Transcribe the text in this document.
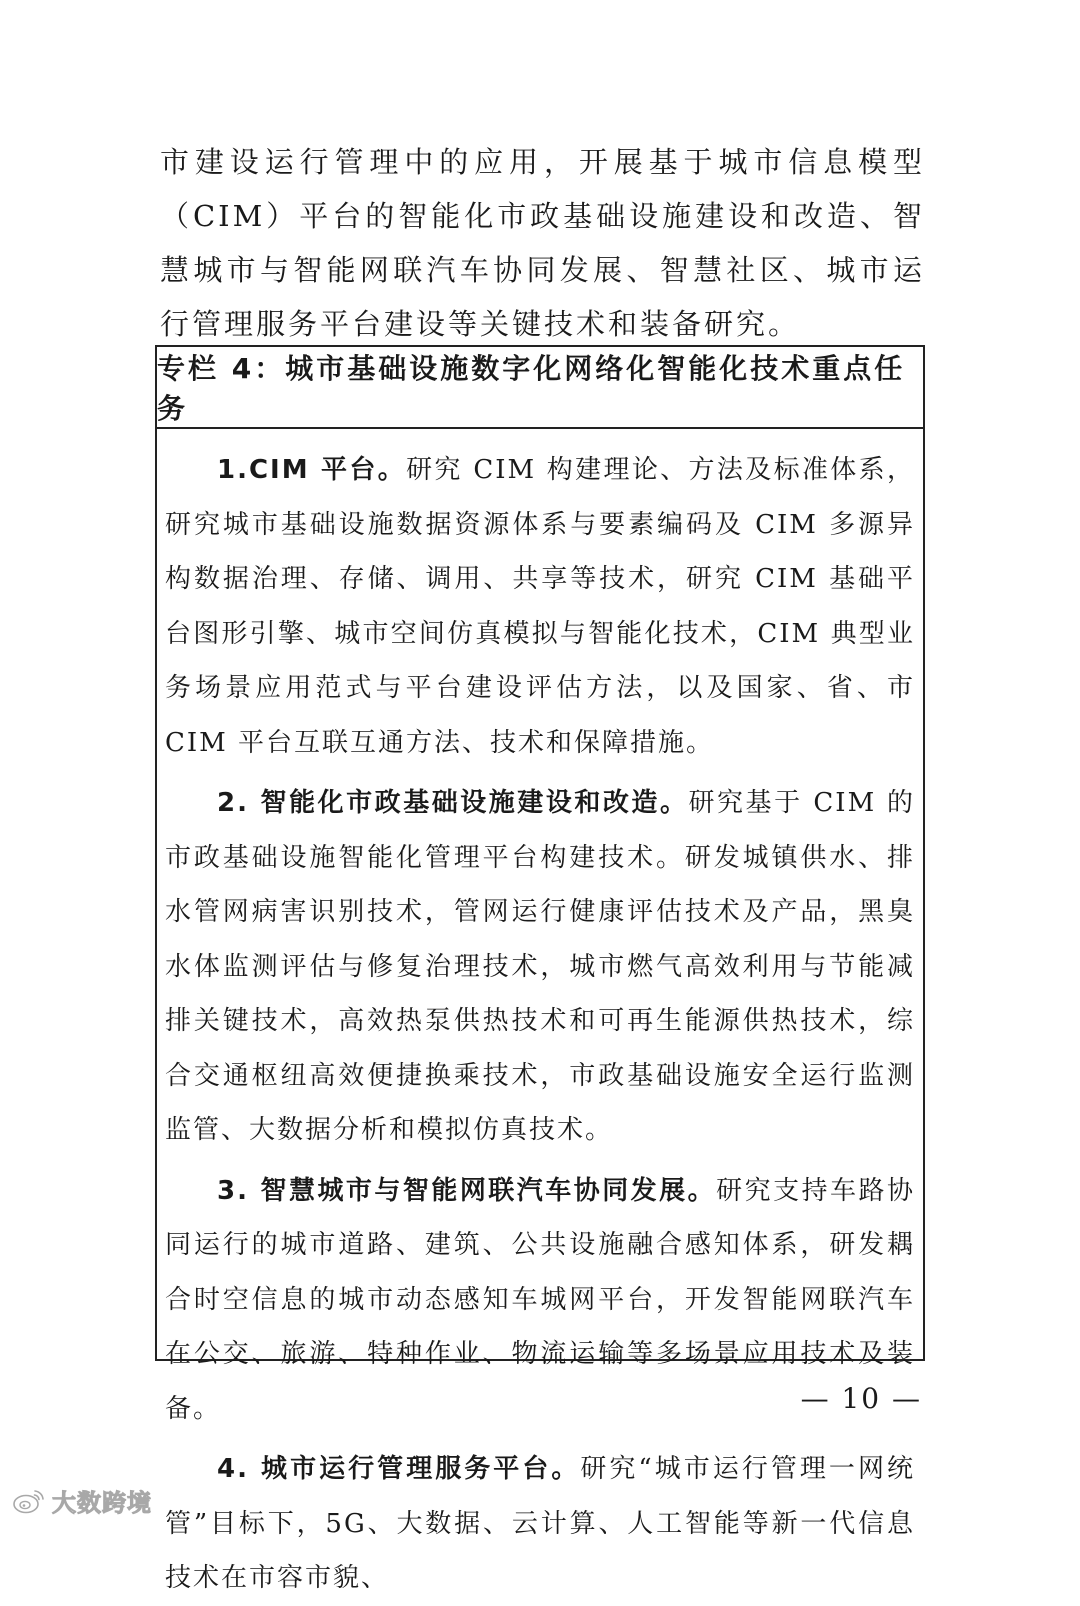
市建设运行管理中的应用，开展基于城市信息模型（CIM）平台的智能化市政基础设施建设和改造、智慧城市与智能网联汽车协同发展、智慧社区、城市运行管理服务平台建设等关键技术和装备研究。

专栏 4：城市基础设施数字化网络化智能化技术重点任务

1.CIM 平台。研究 CIM 构建理论、方法及标准体系，研究城市基础设施数据资源体系与要素编码及 CIM 多源异构数据治理、存储、调用、共享等技术，研究 CIM 基础平台图形引擎、城市空间仿真模拟与智能化技术，CIM 典型业务场景应用范式与平台建设评估方法，以及国家、省、市 CIM 平台互联互通方法、技术和保障措施。

2. 智能化市政基础设施建设和改造。研究基于 CIM 的市政基础设施智能化管理平台构建技术。研发城镇供水、排水管网病害识别技术，管网运行健康评估技术及产品，黑臭水体监测评估与修复治理技术，城市燃气高效利用与节能减排关键技术，高效热泵供热技术和可再生能源供热技术，综合交通枢纽高效便捷换乘技术，市政基础设施安全运行监测监管、大数据分析和模拟仿真技术。

3. 智慧城市与智能网联汽车协同发展。研究支持车路协同运行的城市道路、建筑、公共设施融合感知体系，研发耦合时空信息的城市动态感知车城网平台，开发智能网联汽车在公交、旅游、特种作业、物流运输等多场景应用技术及装备。

4. 城市运行管理服务平台。研究“城市运行管理一网统管”目标下，5G、大数据、云计算、人工智能等新一代信息技术在市容市貌、

— 10 —
大数跨境
